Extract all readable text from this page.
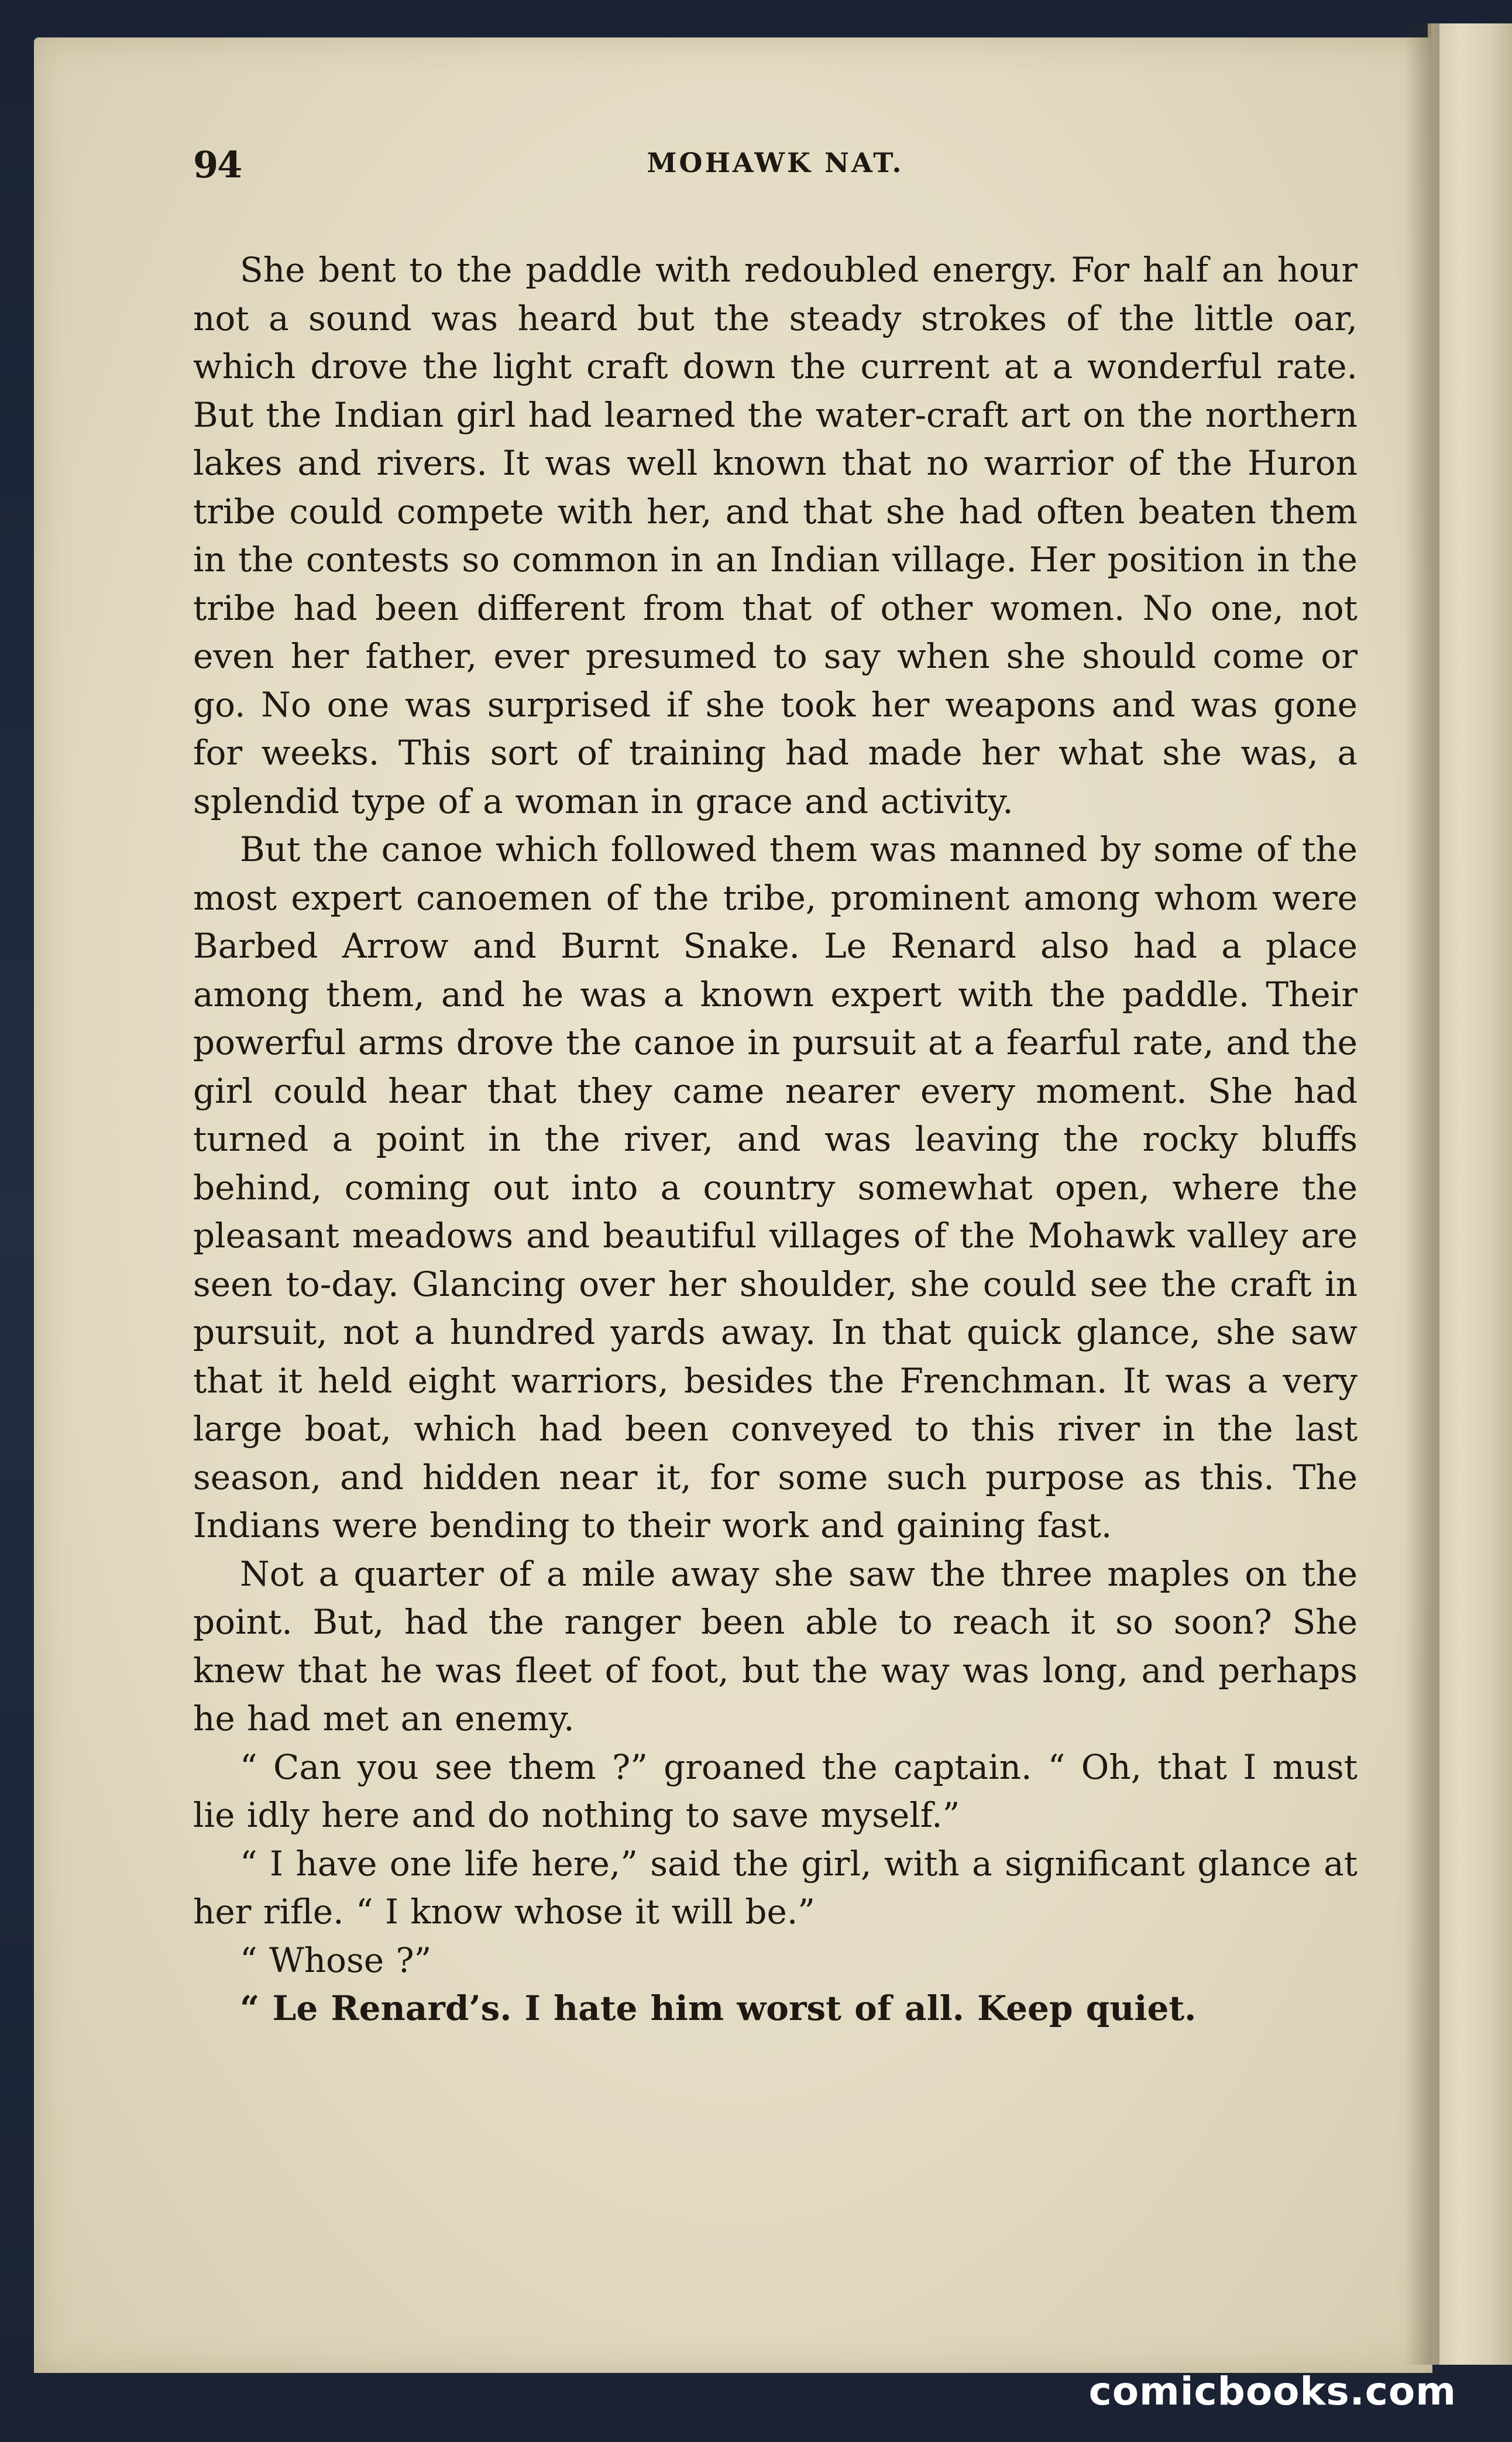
94	MOHAWK NAT.

She bent to the paddle with redoubled energy. For half an hour not a sound was heard but the steady strokes of the little oar, which drove the light craft down the current at a wonderful rate. But the Indian girl had learned the water-craft art on the northern lakes and rivers. It was well known that no warrior of the Huron tribe could compete with her, and that she had often beaten them in the contests so common in an Indian village. Her position in the tribe had been different from that of other women. No one, not even her father, ever presumed to say when she should come or go. No one was surprised if she took her weapons and was gone for weeks. This sort of training had made her what she was, a splendid type of a woman in grace and activity.

But the canoe which followed them was manned by some of the most expert canoemen of the tribe, prominent among whom were Barbed Arrow and Burnt Snake. Le Renard also had a place among them, and he was a known expert with the paddle. Their powerful arms drove the canoe in pursuit at a fearful rate, and the girl could hear that they came nearer every moment. She had turned a point in the river, and was leaving the rocky bluffs behind, coming out into a country somewhat open, where the pleasant meadows and beautiful villages of the Mohawk valley are seen to-day. Glancing over her shoulder, she could see the craft in pursuit, not a hundred yards away. In that quick glance, she saw that it held eight warriors, besides the Frenchman. It was a very large boat, which had been conveyed to this river in the last season, and hidden near it, for some such purpose as this. The Indians were bending to their work and gaining fast.

Not a quarter of a mile away she saw the three maples on the point. But, had the ranger been able to reach it so soon? She knew that he was fleet of foot, but the way was long, and perhaps he had met an enemy.

“ Can you see them ?” groaned the captain. “ Oh, that I must lie idly here and do nothing to save myself.”

“ I have one life here,” said the girl, with a significant glance at her rifle. “ I know whose it will be.”

“ Whose ?”

“ Le Renard’s. I hate him worst of all. Keep quiet.

comicbooks.com
